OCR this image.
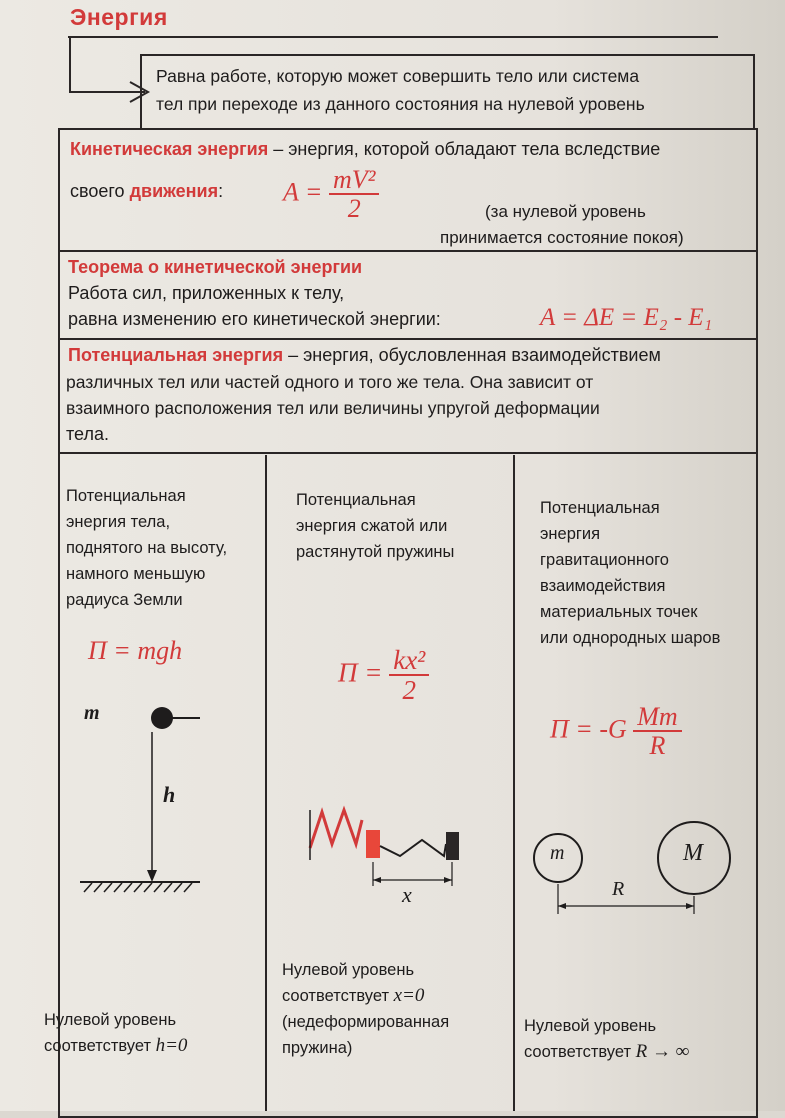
Энергия
Равна работе, которую может совершить тело или система
тел при переходе из данного состояния на нулевой уровень
Кинетическая энергия – энергия, которой обладают тела вследствие
своего движения: $A = \frac{\text{mV²}}{2}$	(за нулевой уровень
принимается состояние покоя)
Теорема о кинетической энергии
Работа сил, приложенных к телу,
равна изменению его кинетической энергии:	A = ΔE = E₂ - E₁
Потенциальная энергия – энергия, обусловленная взаимодействием
различных тел или частей одного и того же тела. Она зависит от
взаимного расположения тел или величины упругой деформации
тела.
Потенциальная
энергия тела,
поднятого на высоту,
намного меньшую
радиуса Земли
П = mgh
m
h
Нулевой уровень
соответствует h=0
Потенциальная
энергия сжатой или
растянутой пружины
$П = \frac{\text{kx²}}{2}$
x
Нулевой уровень
соответствует x=0
(недеформированная
пружина)
Потенциальная
энергия
гравитационного
взаимодействия
материальных точек
или однородных шаров
$П = -G \frac{Mm}{R}$
m	M
R
Нулевой уровень
соответствует R → ∞
